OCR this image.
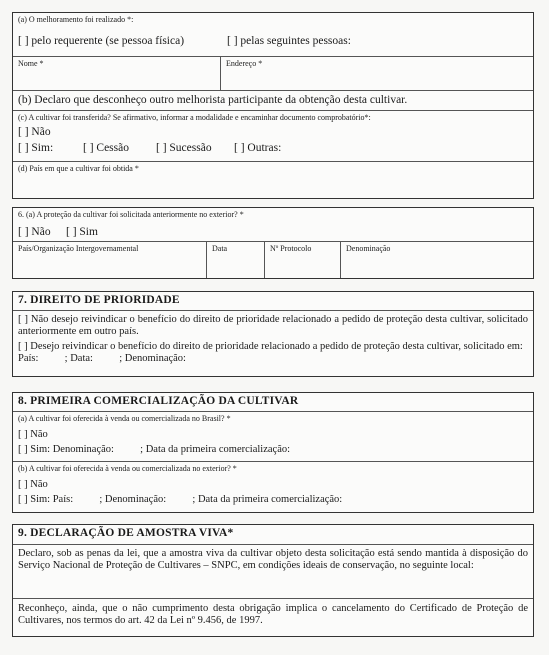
(a) O melhoramento foi realizado *:
[ ] pelo requerente (se pessoa física)	[ ] pelas seguintes pessoas:
Nome *	Endereço *
(b) Declaro que desconheço outro melhorista participante da obtenção desta cultivar.
(c) A cultivar foi transferida? Se afirmativo, informar a modalidade e encaminhar documento comprobatório*:
[ ] Não
[ ] Sim:	[ ] Cessão [ ] Sucessão [ ] Outras:
(d) País em que a cultivar foi obtida *
6. (a) A proteção da cultivar foi solicitada anteriormente no exterior? *
[ ] Não [ ] Sim
País/Organização Intergovernamental	Data	Nº Protocolo	Denominação
7. DIREITO DE PRIORIDADE
[ ] Não desejo reivindicar o benefício do direito de prioridade relacionado a pedido de proteção desta cultivar, solicitado anteriormente em outro país.
[ ] Desejo reivindicar o benefício do direito de prioridade relacionado a pedido de proteção desta cultivar, solicitado em:
País:          ; Data:          ; Denominação:
8. PRIMEIRA COMERCIALIZAÇÃO DA CULTIVAR
(a) A cultivar foi oferecida à venda ou comercializada no Brasil? *
[ ] Não
[ ] Sim: Denominação:          ; Data da primeira comercialização:
(b) A cultivar foi oferecida à venda ou comercializada no exterior? *
[ ] Não
[ ] Sim: País:          ; Denominação:          ; Data da primeira comercialização:
9. DECLARAÇÃO DE AMOSTRA VIVA*
Declaro, sob as penas da lei, que a amostra viva da cultivar objeto desta solicitação está sendo mantida à disposição do Serviço Nacional de Proteção de Cultivares – SNPC, em condições ideais de conservação, no seguinte local:
Reconheço, ainda, que o não cumprimento desta obrigação implica o cancelamento do Certificado de Proteção de Cultivares, nos termos do art. 42 da Lei nº 9.456, de 1997.
